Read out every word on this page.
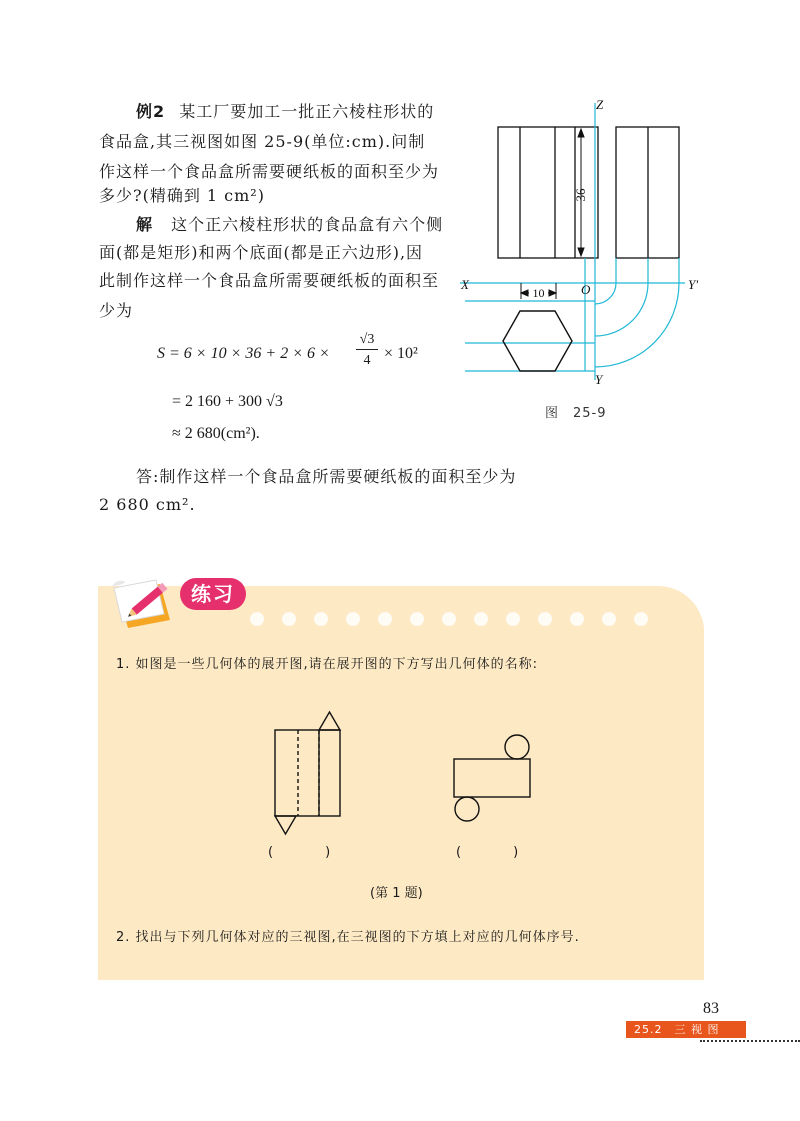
例2 某工厂要加工一批正六棱柱形状的
食品盒,其三视图如图 25-9(单位:cm).问制
作这样一个食品盒所需要硬纸板的面积至少为
多少?(精确到 1 cm²)
解 这个正六棱柱形状的食品盒有六个侧
面(都是矩形)和两个底面(都是正六边形),因
此制作这样一个食品盒所需要硬纸板的面积至
少为
S = 6 × 10 × 36 + 2 × 6 ×
√3
4 × 10²
= 2 160 + 300 √3
≈ 2 680(cm²).
答:制作这样一个食品盒所需要硬纸板的面积至少为
2 680 cm².
36
10
Z
X	Y'
O
Y
图　25-9
练习
1. 如图是一些几何体的展开图,请在展开图的下方写出几何体的名称:
(　　　　)	(　　　　)
(第 1 题)
2. 找出与下列几何体对应的三视图,在三视图的下方填上对应的几何体序号.
83
25.2　三 视 图
